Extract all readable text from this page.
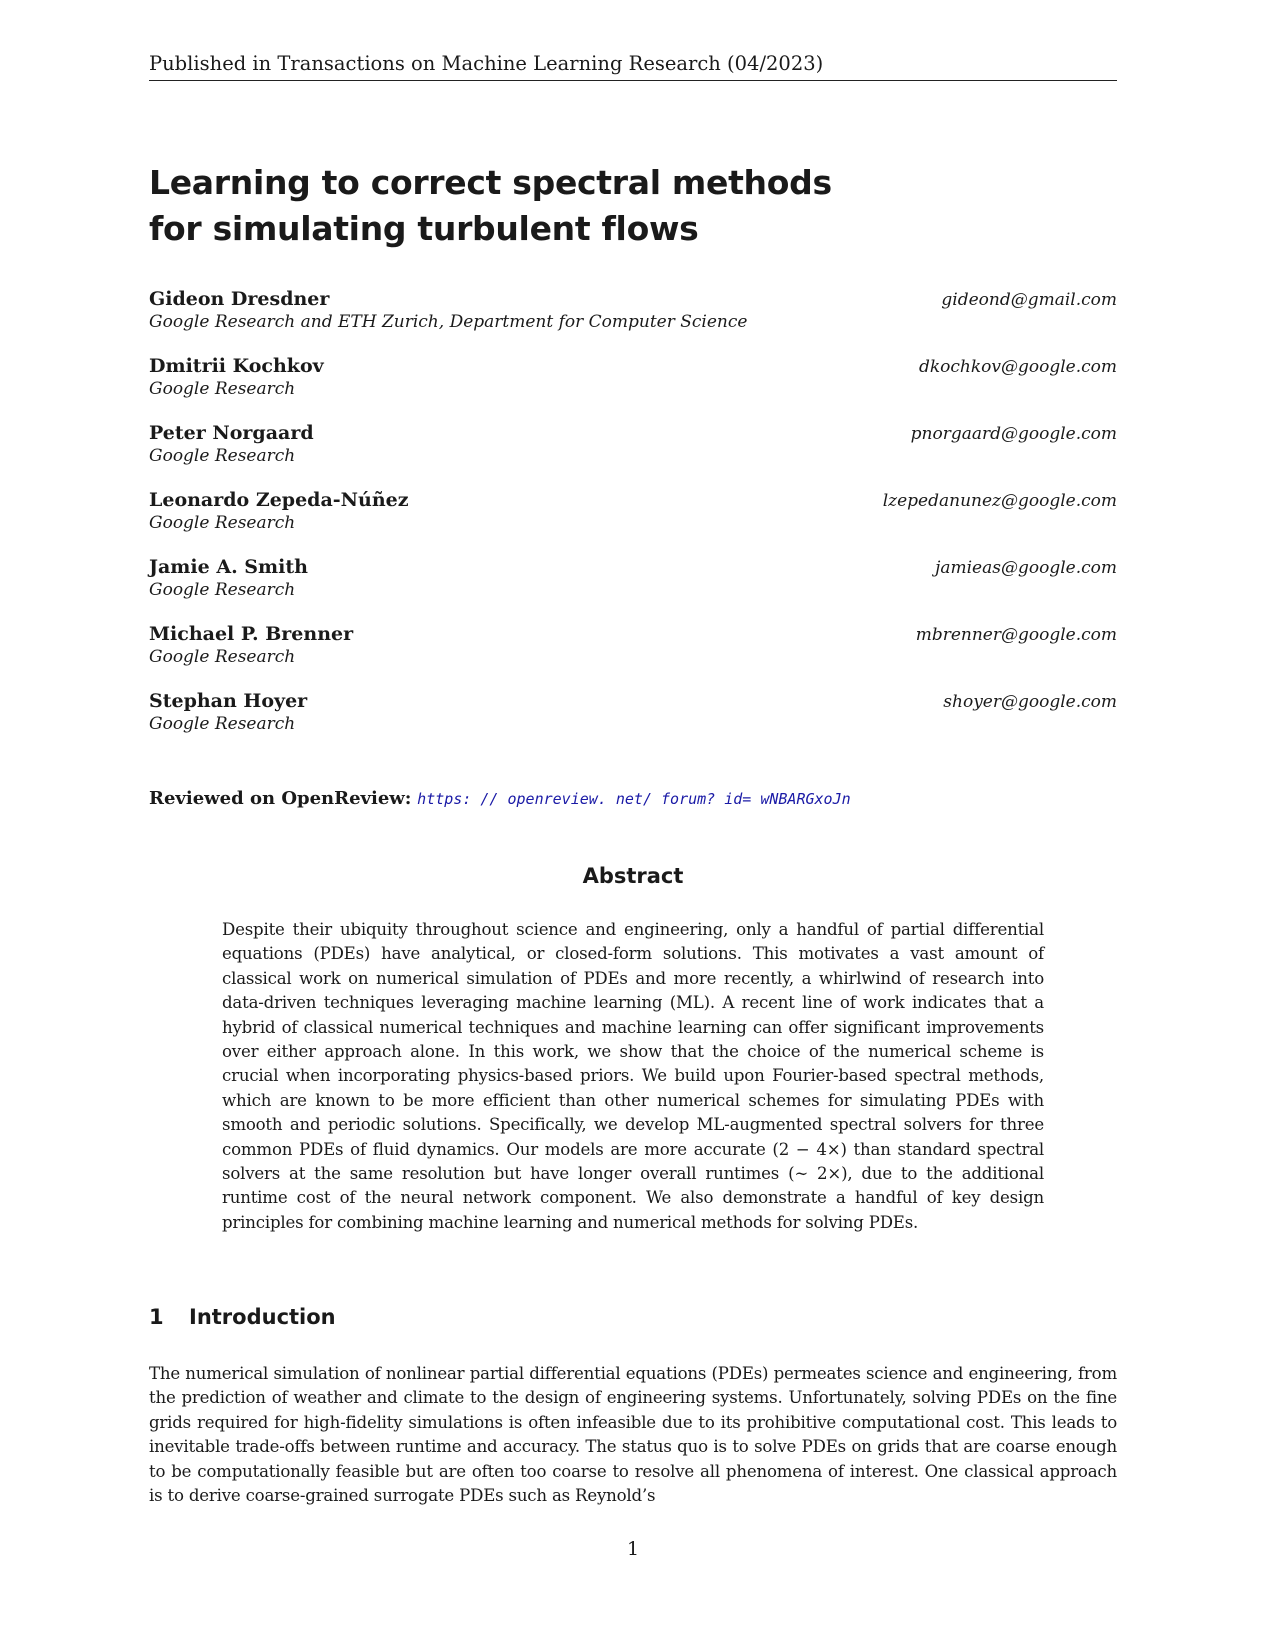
Published in Transactions on Machine Learning Research (04/2023)
Learning to correct spectral methods
for simulating turbulent flows
Gideon Dresdner	gideond@gmail.com
Google Research and ETH Zurich, Department for Computer Science
Dmitrii Kochkov	dkochkov@google.com
Google Research
Peter Norgaard	pnorgaard@google.com
Google Research
Leonardo Zepeda-Núñez	lzepedanunez@google.com
Google Research
Jamie A. Smith	jamieas@google.com
Google Research
Michael P. Brenner	mbrenner@google.com
Google Research
Stephan Hoyer	shoyer@google.com
Google Research
Reviewed on OpenReview: https: // openreview. net/ forum? id= wNBARGxoJn
Abstract

Despite their ubiquity throughout science and engineering, only a handful of partial differential equations (PDEs) have analytical, or closed-form solutions. This motivates a vast amount of classical work on numerical simulation of PDEs and more recently, a whirlwind of research into data-driven techniques leveraging machine learning (ML). A recent line of work indicates that a hybrid of classical numerical techniques and machine learning can offer significant improvements over either approach alone. In this work, we show that the choice of the numerical scheme is crucial when incorporating physics-based priors. We build upon Fourier-based spectral methods, which are known to be more efficient than other numerical schemes for simulating PDEs with smooth and periodic solutions. Specifically, we develop ML-augmented spectral solvers for three common PDEs of fluid dynamics. Our models are more accurate (2 − 4×) than standard spectral solvers at the same resolution but have longer overall runtimes (∼ 2×), due to the additional runtime cost of the neural network component. We also demonstrate a handful of key design principles for combining machine learning and numerical methods for solving PDEs.

1 Introduction

The numerical simulation of nonlinear partial differential equations (PDEs) permeates science and engineering, from the prediction of weather and climate to the design of engineering systems. Unfortunately, solving PDEs on the fine grids required for high-fidelity simulations is often infeasible due to its prohibitive computational cost. This leads to inevitable trade-offs between runtime and accuracy. The status quo is to solve PDEs on grids that are coarse enough to be computationally feasible but are often too coarse to resolve all phenomena of interest. One classical approach is to derive coarse-grained surrogate PDEs such as Reynold’s

1
